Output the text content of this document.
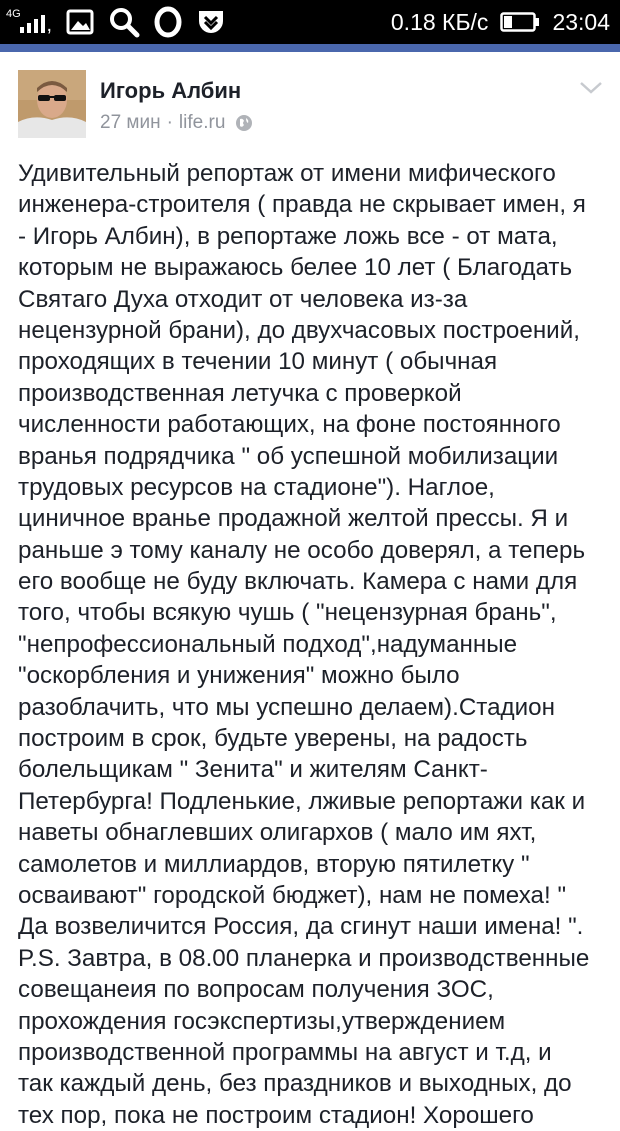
4G ,	0.18 КБ/с	23:04
Игорь Албин
27 мин · life.ru
Удивительный репортаж от имени мифического
инженера-строителя ( правда не скрывает имен, я
- Игорь Албин), в репортаже ложь все - от мата,
которым не выражаюсь белее 10 лет ( Благодать
Святаго Духа отходит от человека из-за
нецензурной брани), до двухчасовых построений,
проходящих в течении 10 минут ( обычная
производственная летучка с проверкой
численности работающих, на фоне постоянного
вранья подрядчика " об успешной мобилизации
трудовых ресурсов на стадионе"). Наглое,
циничное вранье продажной желтой прессы. Я и
раньше э тому каналу не особо доверял, а теперь
его вообще не буду включать. Камера с нами для
того, чтобы всякую чушь ( "нецензурная брань",
"непрофессиональный подход",надуманные
"оскорбления и унижения" можно было
разоблачить, что мы успешно делаем).Стадион
построим в срок, будьте уверены, на радость
болельщикам " Зенита" и жителям Санкт-
Петербурга! Подленькие, лживые репортажи как и
наветы обнаглевших олигархов ( мало им яхт,
самолетов и миллиардов, вторую пятилетку "
осваивают" городской бюджет), нам не помеха! "
Да возвеличится Россия, да сгинут наши имена! ".
P.S. Завтра, в 08.00 планерка и производственные
совещанеия по вопросам получения ЗОС,
прохождения госэкспертизы,утверждением
производственной программы на август и т.д, и
так каждый день, без праздников и выходных, до
тех пор, пока не построим стадион! Хорошего
